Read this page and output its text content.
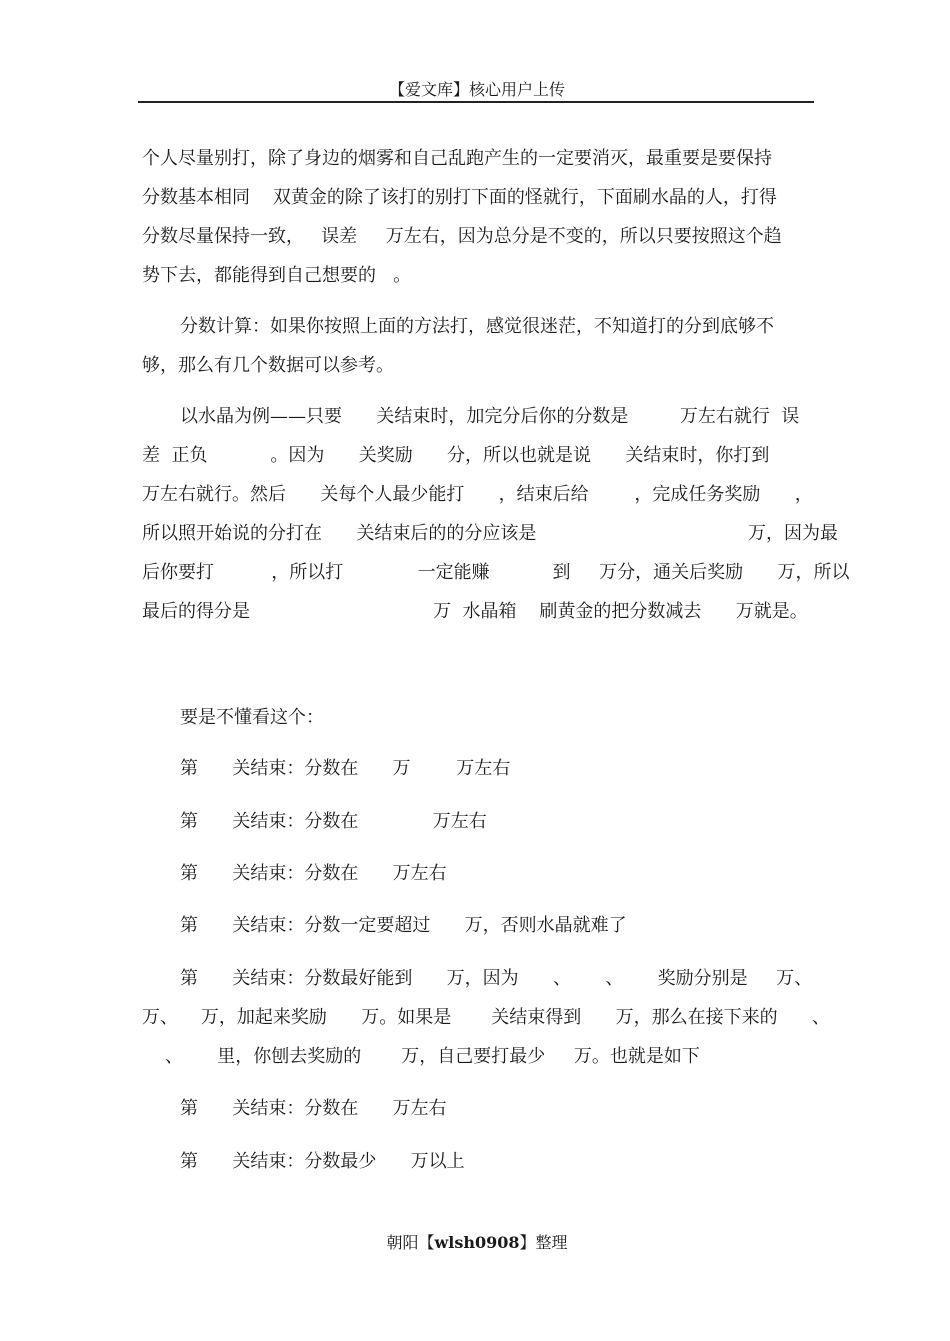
【爱文库】核心用户上传
个人尽量别打，除了身边的烟雾和自己乱跑产生的一定要消灭，最重要是要保持
分数基本相同    双黄金的除了该打的别打下面的怪就行，下面刷水晶的人，打得
分数尽量保持一致，   误差     万左右，因为总分是不变的，所以只要按照这个趋
势下去，都能得到自己想要的   。
分数计算：如果你按照上面的方法打，感觉很迷茫，不知道打的分到底够不
够，那么有几个数据可以参考。
以水晶为例——只要      关结束时，加完分后你的分数是         万左右就行  误
差  正负           。因为      关奖励      分，所以也就是说      关结束时，你打到
万左右就行。然后      关每个人最少能打      ，结束后给        ，完成任务奖励      ，
所以照开始说的分打在      关结束后的的分应该是                                     万，因为最
后你要打          ，所以打             一定能赚           到     万分，通关后奖励      万，所以
最后的得分是                                万  水晶箱    刷黄金的把分数减去      万就是。
要是不懂看这个：
第      关结束：分数在      万        万左右
第      关结束：分数在             万左右
第      关结束：分数在      万左右
第      关结束：分数一定要超过      万，否则水晶就难了
第      关结束：分数最好能到      万，因为      、      、      奖励分别是     万、
万、    万，加起来奖励      万。如果是       关结束得到      万，那么在接下来的      、
、      里，你刨去奖励的       万，自己要打最少     万。也就是如下
第      关结束：分数在      万左右
第      关结束：分数最少      万以上
朝阳【wlsh0908】整理
